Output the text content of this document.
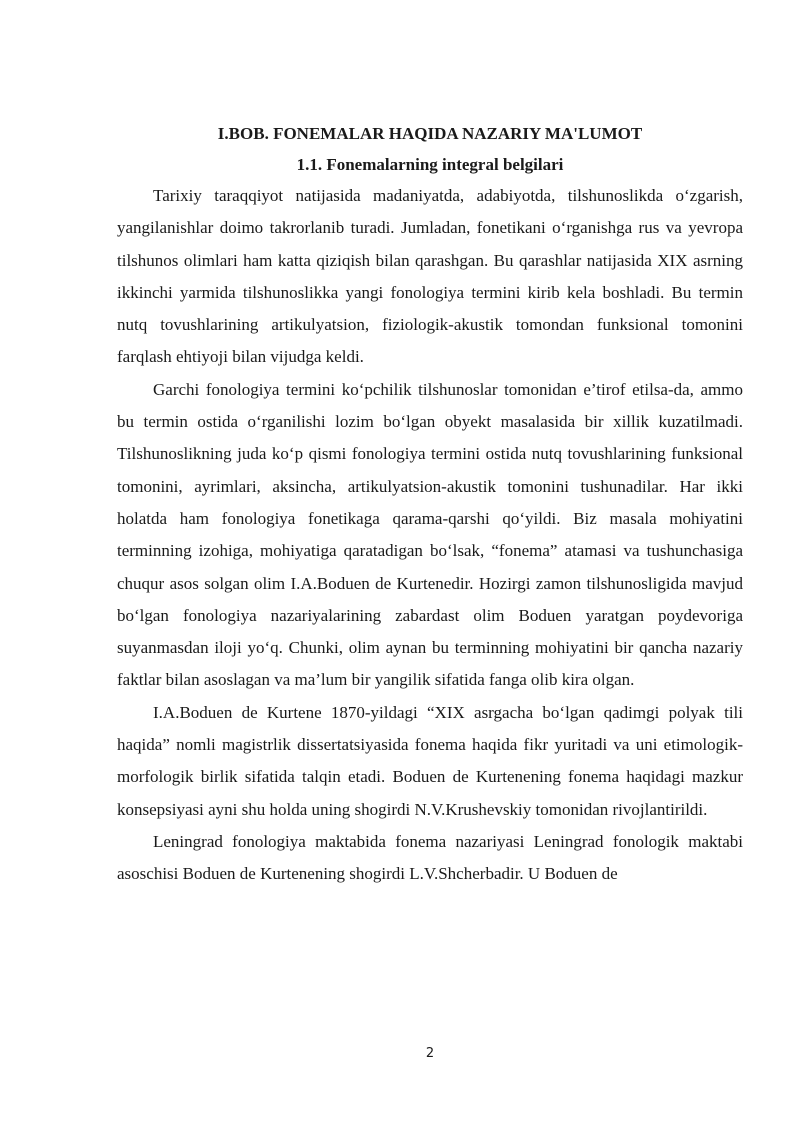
I.BOB. FONEMALAR HAQIDA NAZARIY MA'LUMOT

1.1. Fonemalarning integral belgilari

Tarixiy taraqqiyot natijasida madaniyatda, adabiyotda, tilshunoslikda o‘zgarish, yangilanishlar doimo takrorlanib turadi. Jumladan, fonetikani o‘rganishga rus va yevropa tilshunos olimlari ham katta qiziqish bilan qarashgan. Bu qarashlar natijasida XIX asrning ikkinchi yarmida tilshunoslikka yangi fonologiya termini kirib kela boshladi. Bu termin nutq tovushlarining artikulyatsion, fiziologik-akustik tomondan funksional tomonini farqlash ehtiyoji bilan vijudga keldi.

Garchi fonologiya termini ko‘pchilik tilshunoslar tomonidan e’tirof etilsa-da, ammo bu termin ostida o‘rganilishi lozim bo‘lgan obyekt masalasida bir xillik kuzatilmadi. Tilshunoslikning juda ko‘p qismi fonologiya termini ostida nutq tovushlarining funksional tomonini, ayrimlari, aksincha, artikulyatsion-akustik tomonini tushunadilar. Har ikki holatda ham fonologiya fonetikaga qarama-qarshi qo‘yildi. Biz masala mohiyatini terminning izohiga, mohiyatiga qaratadigan bo‘lsak, “fonema” atamasi va tushunchasiga chuqur asos solgan olim I.A.Boduen de Kurtenedir. Hozirgi zamon tilshunosligida mavjud bo‘lgan fonologiya nazariyalarining zabardast olim Boduen yaratgan poydevoriga suyanmasdan iloji yo‘q. Chunki, olim aynan bu terminning mohiyatini bir qancha nazariy faktlar bilan asoslagan va ma’lum bir yangilik sifatida fanga olib kira olgan.

I.A.Boduen de Kurtene 1870-yildagi “XIX asrgacha bo‘lgan qadimgi polyak tili haqida” nomli magistrlik dissertatsiyasida fonema haqida fikr yuritadi va uni etimologik-morfologik birlik sifatida talqin etadi. Boduen de Kurtenening fonema haqidagi mazkur konsepsiyasi ayni shu holda uning shogirdi N.V.Krushevskiy tomonidan rivojlantirildi.

Leningrad fonologiya maktabida fonema nazariyasi Leningrad fonologik maktabi asoschisi Boduen de Kurtenening shogirdi L.V.Shcherbadir. U Boduen de

2
